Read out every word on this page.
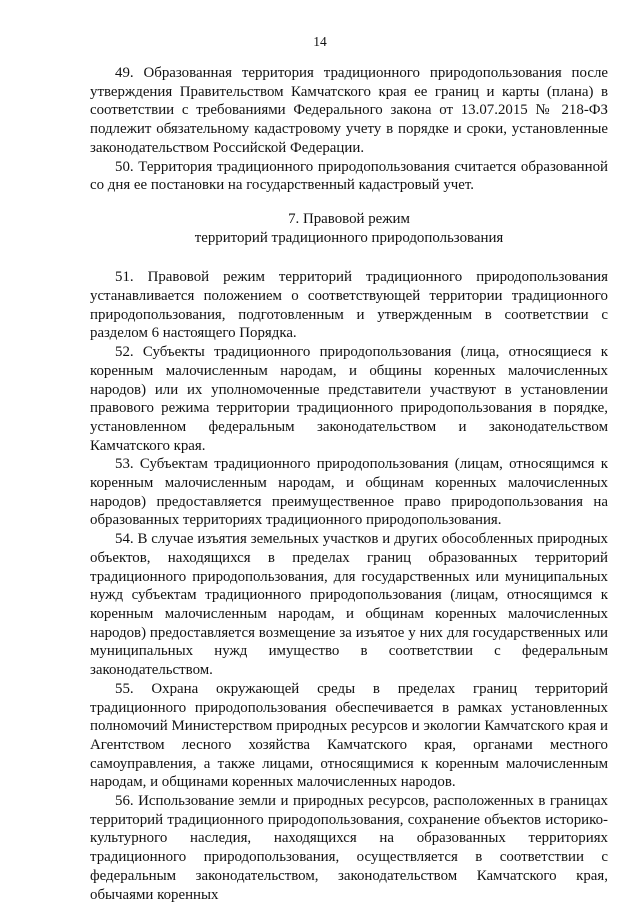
14

49. Образованная территория традиционного природопользования после утверждения Правительством Камчатского края ее границ и карты (плана) в соответствии с требованиями Федерального закона от 13.07.2015 № 218-ФЗ подлежит обязательному кадастровому учету в порядке и сроки, установленные законодательством Российской Федерации.

50. Территория традиционного природопользования считается образованной со дня ее постановки на государственный кадастровый учет.

7. Правовой режим

территорий традиционного природопользования

51. Правовой режим территорий традиционного природопользования устанавливается положением о соответствующей территории традиционного природопользования, подготовленным и утвержденным в соответствии с разделом 6 настоящего Порядка.

52. Субъекты традиционного природопользования (лица, относящиеся к коренным малочисленным народам, и общины коренных малочисленных народов) или их уполномоченные представители участвуют в установлении правового режима территории традиционного природопользования в порядке, установленном федеральным законодательством и законодательством Камчатского края.

53. Субъектам традиционного природопользования (лицам, относящимся к коренным малочисленным народам, и общинам коренных малочисленных народов) предоставляется преимущественное право природопользования на образованных территориях традиционного природопользования.

54. В случае изъятия земельных участков и других обособленных природных объектов, находящихся в пределах границ образованных территорий традиционного природопользования, для государственных или муниципальных нужд субъектам традиционного природопользования (лицам, относящимся к коренным малочисленным народам, и общинам коренных малочисленных народов) предоставляется возмещение за изъятое у них для государственных или муниципальных нужд имущество в соответствии с федеральным законодательством.

55. Охрана окружающей среды в пределах границ территорий традиционного природопользования обеспечивается в рамках установленных полномочий Министерством природных ресурсов и экологии Камчатского края и Агентством лесного хозяйства Камчатского края, органами местного самоуправления, а также лицами, относящимися к коренным малочисленным народам, и общинами коренных малочисленных народов.

56. Использование земли и природных ресурсов, расположенных в границах территорий традиционного природопользования, сохранение объектов историко-культурного наследия, находящихся на образованных территориях традиционного природопользования, осуществляется в соответствии с федеральным законодательством, законодательством Камчатского края, обычаями коренных
